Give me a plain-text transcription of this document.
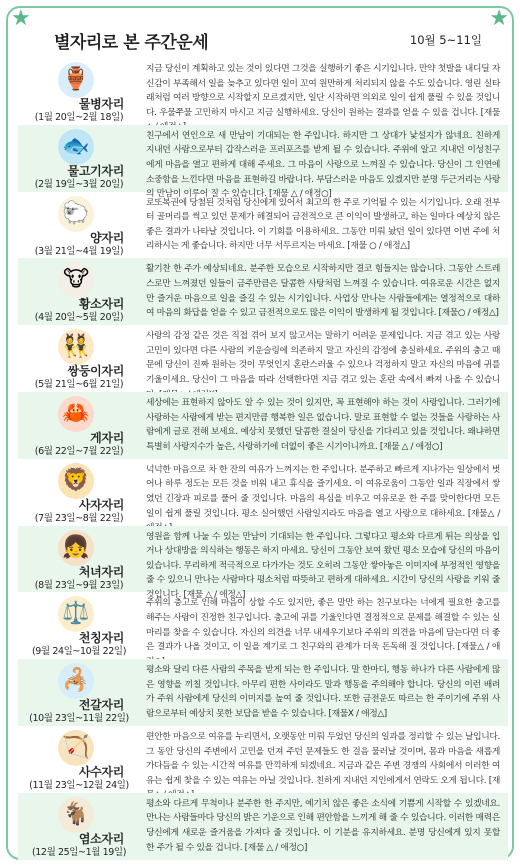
★	★
별자리로 본 주간운세	10월 5~11일
🏺
물병자리
(1월 20일~2월 18일)
지금 당신이 계획하고 있는 것이 있다면 그것을 실행하기 좋은 시기입니다. 만약 첫발을 내디딜 자신감이 부족해서 일을 늦추고 있다면 일이 꼬여 원만하게 처리되지 않을 수도 있습니다. 영린 실타래처럼 여러 방향으로 시작할지 모르겠지만, 일단 시작하면 의외로 일이 쉽게 풀릴 수 있을 것입니다. 우물쭈물 고민하지 마시고 지금 실행하세요. 당신이 원하는 결과를 얻을 수 있을 겁니다. [재물
🐟
물고기자리
(2월 19일~3월 20일)
친구에서 연인으로 새 만남이 기대되는 한 주입니다. 하지만 그 상대가 낯설지가 않네요. 친하게 지내던 사람으로부터 갑작스러운 프러포즈를 받게 될 수 있습니다. 주위에 알고 지내던 이성친구에게 마음을 열고 편하게 대해 주세요. 그 마음이 사랑으로 느껴질 수 있습니다. 당신이 그 인연에 소중함을 느낀다면 마음을 표현하길 바랍니다. 부담스러운 마음도 있겠지만 분명 두근거리는 사랑의 만남이 이루어 질 수 있습니다. [재물 △ / 애정○]
🐑
양자리
(3월 21일~4월 19일)
로또복권에 당첨된 것처럼 당신에게 있어서 최고의 한 주로 기억될 수 있는 시기입니다. 오래 전부터 골머리를 썩고 있던 문제가 해결되어 금전적으로 큰 이익이 발생하고, 하는 일마다 예상치 않은 좋은 결과가 나타날 것입니다. 이 기회를 이용하세요. 그동안 미뤄 놨던 일이 있다면 이번 주에 처리하시는 게 좋습니다. 하지만 너무 서두르지는 마세요. [재물 ○ / 애정△]
🐮
황소자리
(4월 20일~5월 20일)
활기찬 한 주가 예상되네요. 분주한 모습으로 시작하지만 결코 힘들지는 않습니다. 그동안 스트레스로만 느껴졌던 일들이 금주만큼은 달콤한 사탕처럼 느껴질 수 있습니다. 여유로운 시간은 없지만 즐거운 마음으로 일을 즐길 수 있는 시기입니다. 사업상 만나는 사람들에게는 열정적으로 대하여 마음의 화답을 얻을 수 있고 금전적으로도 많은 이익이 발생하게 될 것입니다. [재물○ / 애정△]
👯
쌍둥이자리
(5월 21일~6월 21일)
사랑의 감정 같은 것은 직접 겪어 보지 않고서는 말하기 어려운 문제입니다. 지금 겪고 있는 사랑고민이 있다면 다른 사람의 키운슬링에 의존하지 말고 자신의 감정에 충실하세요. 주위의 충고 때문에 당신이 진짜 원하는 것이 무엇인지 혼란스러울 수 있으나 걱정하지 말고 자신의 마음에 귀를 기울이세요. 당신이 그 마음을 따라 선택한다면 지금 겪고 있는 혼란 속에서 빠져 나올 수 있습니
🦀
게자리
(6월 22일~7월 22일)
세상에는 표현하지 않아도 알 수 있는 것이 있지만, 꼭 표현해야 하는 것이 사랑입니다. 그러기에 사랑하는 사람에게 받는 편지만큼 행복한 일은 없습니다. 말로 표현할 수 없는 것들을 사랑하는 사람에게 글로 전해 보세요. 예상치 못했던 달콤한 결실이 당신을 기다리고 있을 것입니다. 왜냐하면 특별히 사랑지수가 높은, 사랑하기에 더없이 좋은 시기이니까요. [재물 △ / 애정○]
🦁
사자자리
(7월 23일~8월 22일)
넉넉한 마음으로 차 한 잔의 여유가 느껴지는 한 주입니다. 분주하고 빠르게 지나가는 일상에서 벗어나 하루 정도는 모든 것을 비워 내고 휴식을 즐기세요. 이 여유로움이 그동안 일과 직장에서 쌓였던 긴장과 피로를 풀어 줄 것입니다. 마음의 욕심을 비우고 여유로운 한 주를 맞이한다면 모든 일이 쉽게 풀릴 것입니다. 평소 실어했던 사람일지라도 마음을 열고 사랑으로 대하세요. [재물△ /
👧
처녀자리
(8월 23일~9월 23일)
영원을 함께 나눌 수 있는 만남이 기대되는 한 주입니다. 그렇다고 평소와 다르게 튀는 의상을 입거나 상대방을 의식하는 행동은 하지 마세요. 당신이 그동안 보여 왔던 평소 모습에 당신의 마음이 있습니다. 무리하게 적극적으로 다가가는 것도 오히려 그동안 쌓아놓은 이미지에 부정적인 영향을 줄 수 있으니 만나는 사람마다 평소처럼 따뜻하고 편하게 대하세요. 시간이 당신의 사랑을 키워 줄 것입니다. [재물 △ / 애정△]
⚖️
천칭자리
(9월 24일~10월 22일)
주위의 충고로 인해 마음이 상할 수도 있지만, 좋은 말만 하는 친구보다는 너에게 필요한 충고를 해주는 사람이 진정한 친구입니다. 충고에 귀를 기울인다면 결정적으로 문제를 해결할 수 있는 실마리를 찾을 수 있습니다. 자신의 의견을 너무 내세우기보다 주위의 의견을 마음에 담는다면 더 좋은 결과가 나올 것이고, 이 일을 계기로 그 친구와의 관계가 더욱 돈독해 질 것입니다. [재물△ / 애
🦂
전갈자리
(10월 23일~11월 22일)
평소와 달리 다른 사람의 주목을 받게 되는 한 주입니다. 말 한마디, 행동 하나가 다른 사람에게 많은 영향을 끼칠 것입니다. 아무리 편한 사이라도 말과 행동을 주의해야 합니다. 당신의 이런 배려가 주위 사람에게 당신의 이미지를 높여 줄 것입니다. 또한 금전운도 따르는 한 주이기에 주위 사람으로부터 예상치 못한 보답을 받을 수 있습니다. [재물X / 애정△]
🏹
사수자리
(11월 23일~12월 24일)
편안한 마음으로 여유를 누리면서, 오랫동안 미뤄 두었던 당신의 일과를 정리할 수 있는 날입니다. 그 동안 당신의 주변에서 고민을 던져 주던 문제들도 한 걸음 물러날 것이며, 몸과 마음을 새롭게 가다듬을 수 있는 시간적 여유를 만끽하게 되겠네요. 지금과 같은 주변 경쟁의 사회에서 이러한 여유는 쉽게 찾을 수 있는 여유는 아닐 것입니다. 친하게 지내던 지인에게서 연락도 오게 됩니다. [재
🐐
염소자리
(12월 25일~1월 19일)
평소와 다르게 무척이나 분주한 한 주지만, 예기치 않은 좋은 소식에 기쁨게 시작할 수 있겠네요. 만나는 사람들마다 당신의 밝은 기운으로 인해 편안함을 느끼게 해 줄 수 있습니다. 이러한 매력은 당신에게 새로운 즐거움을 가져다 줄 것입니다. 이 기분을 유지하세요. 분명 당신에게 있지 못할 한 주가 될 수 있을 겁니다. [재물 △ / 애정○]
